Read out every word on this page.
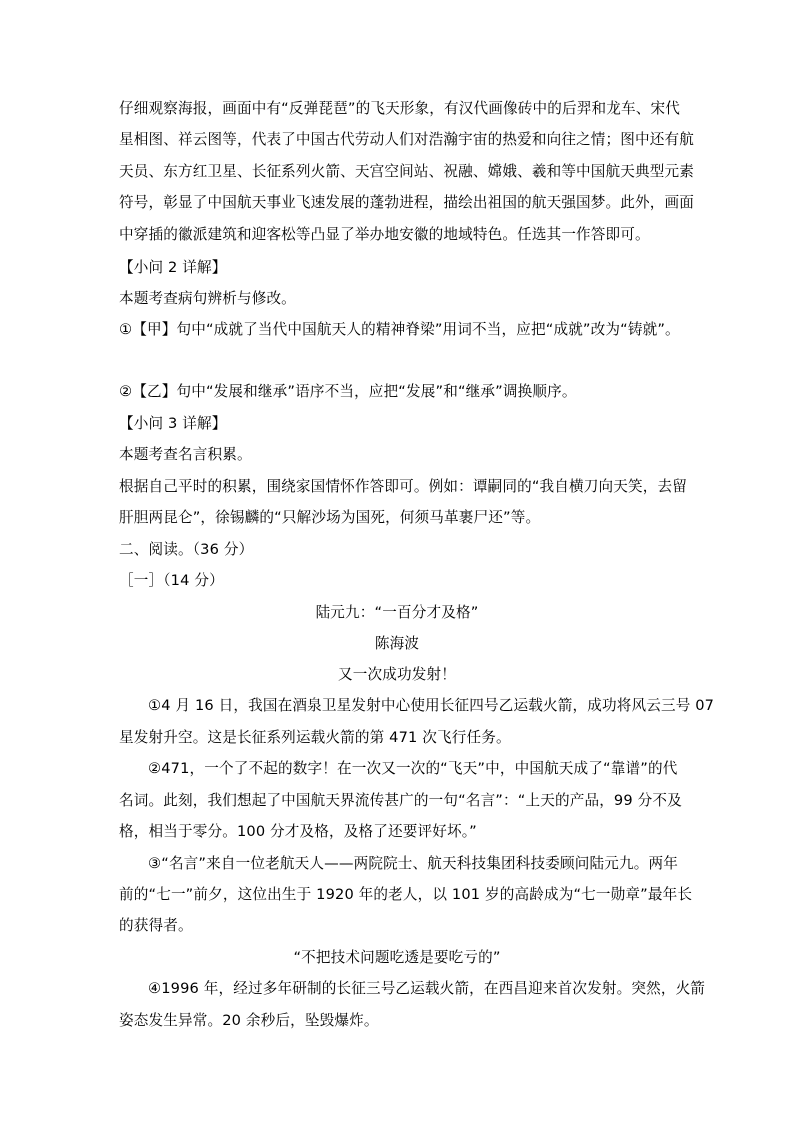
仔细观察海报，画面中有“反弹琵琶”的飞天形象，有汉代画像砖中的后羿和龙车、宋代
星相图、祥云图等，代表了中国古代劳动人们对浩瀚宇宙的热爱和向往之情；图中还有航
天员、东方红卫星、长征系列火箭、天宫空间站、祝融、嫦娥、羲和等中国航天典型元素
符号，彰显了中国航天事业飞速发展的蓬勃进程，描绘出祖国的航天强国梦。此外，画面
中穿插的徽派建筑和迎客松等凸显了举办地安徽的地域特色。任选其一作答即可。
【小问 2 详解】
本题考查病句辨析与修改。
①【甲】句中“成就了当代中国航天人的精神脊梁”用词不当，应把“成就”改为“铸就”。
②【乙】句中“发展和继承”语序不当，应把“发展”和“继承”调换顺序。
【小问 3 详解】
本题考查名言积累。
根据自己平时的积累，围绕家国情怀作答即可。例如：谭嗣同的“我自横刀向天笑，去留
肝胆两昆仑”，徐锡麟的“只解沙场为国死，何须马革裹尸还”等。
二、阅读。（36 分）
［一］（14 分）
陆元九：“一百分才及格”
陈海波
又一次成功发射！
①4 月 16 日，我国在酒泉卫星发射中心使用长征四号乙运载火箭，成功将风云三号 07
星发射升空。这是长征系列运载火箭的第 471 次飞行任务。
②471，一个了不起的数字！在一次又一次的“飞天”中，中国航天成了“靠谱”的代
名词。此刻，我们想起了中国航天界流传甚广的一句“名言”：“上天的产品，99 分不及
格，相当于零分。100 分才及格，及格了还要评好坏。”
③“名言”来自一位老航天人——两院院士、航天科技集团科技委顾问陆元九。两年
前的“七一”前夕，这位出生于 1920 年的老人，以 101 岁的高龄成为“七一勋章”最年长
的获得者。
“不把技术问题吃透是要吃亏的”
④1996 年，经过多年研制的长征三号乙运载火箭，在西昌迎来首次发射。突然，火箭
姿态发生异常。20 余秒后，坠毁爆炸。
